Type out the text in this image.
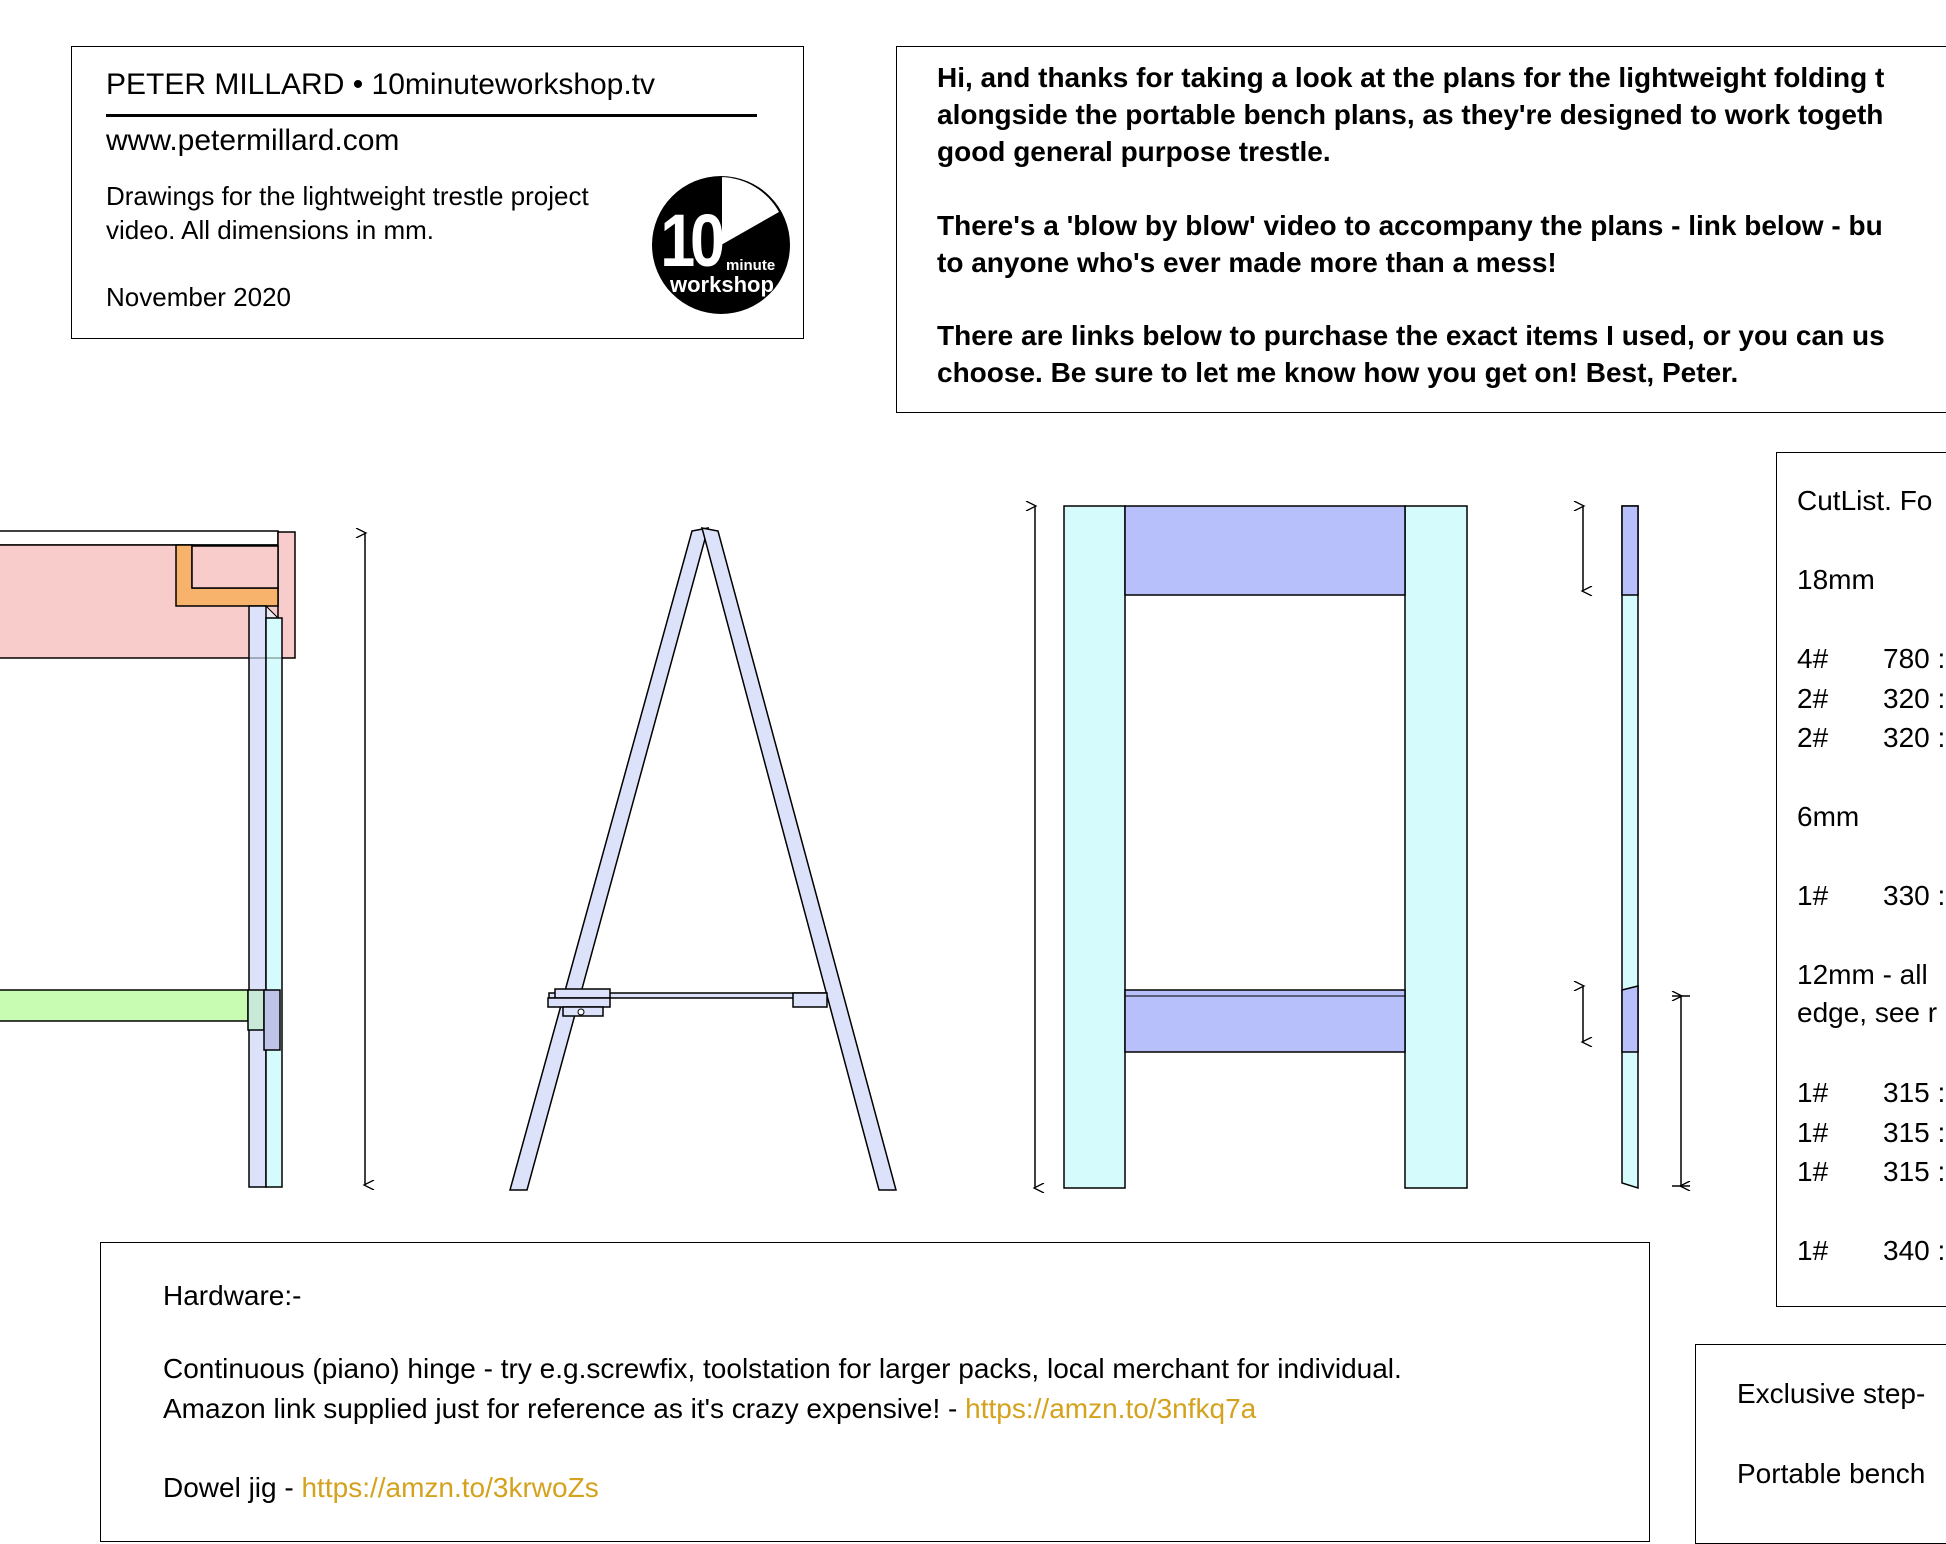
PETER MILLARD • 10minuteworkshop.tv
www.petermillard.com
Drawings for the lightweight trestle project
video. All dimensions in mm.
November 2020
10 minute
workshop
Hi, and thanks for taking a look at the plans for the lightweight folding t
alongside the portable bench plans, as they're designed to work togeth
good general purpose trestle.
There's a 'blow by blow' video to accompany the plans - link below - bu
to anyone who's ever made more than a mess!
There are links below to purchase the exact items I used, or you can us
choose. Be sure to let me know how you get on! Best, Peter.
CutList. Fo
18mm
4# 780 :
2# 320 :
2# 320 :
6mm
1# 330 :
12mm - all
edge, see r
1# 315 :
1# 315 :
1# 315 :
1# 340 :
Hardware:-
Continuous (piano) hinge - try e.g.screwfix, toolstation for larger packs, local merchant for individual.
Amazon link supplied just for reference as it's crazy expensive! - https://amzn.to/3nfkq7a
Dowel jig - https://amzn.to/3krwoZs
Exclusive step-
Portable bench
